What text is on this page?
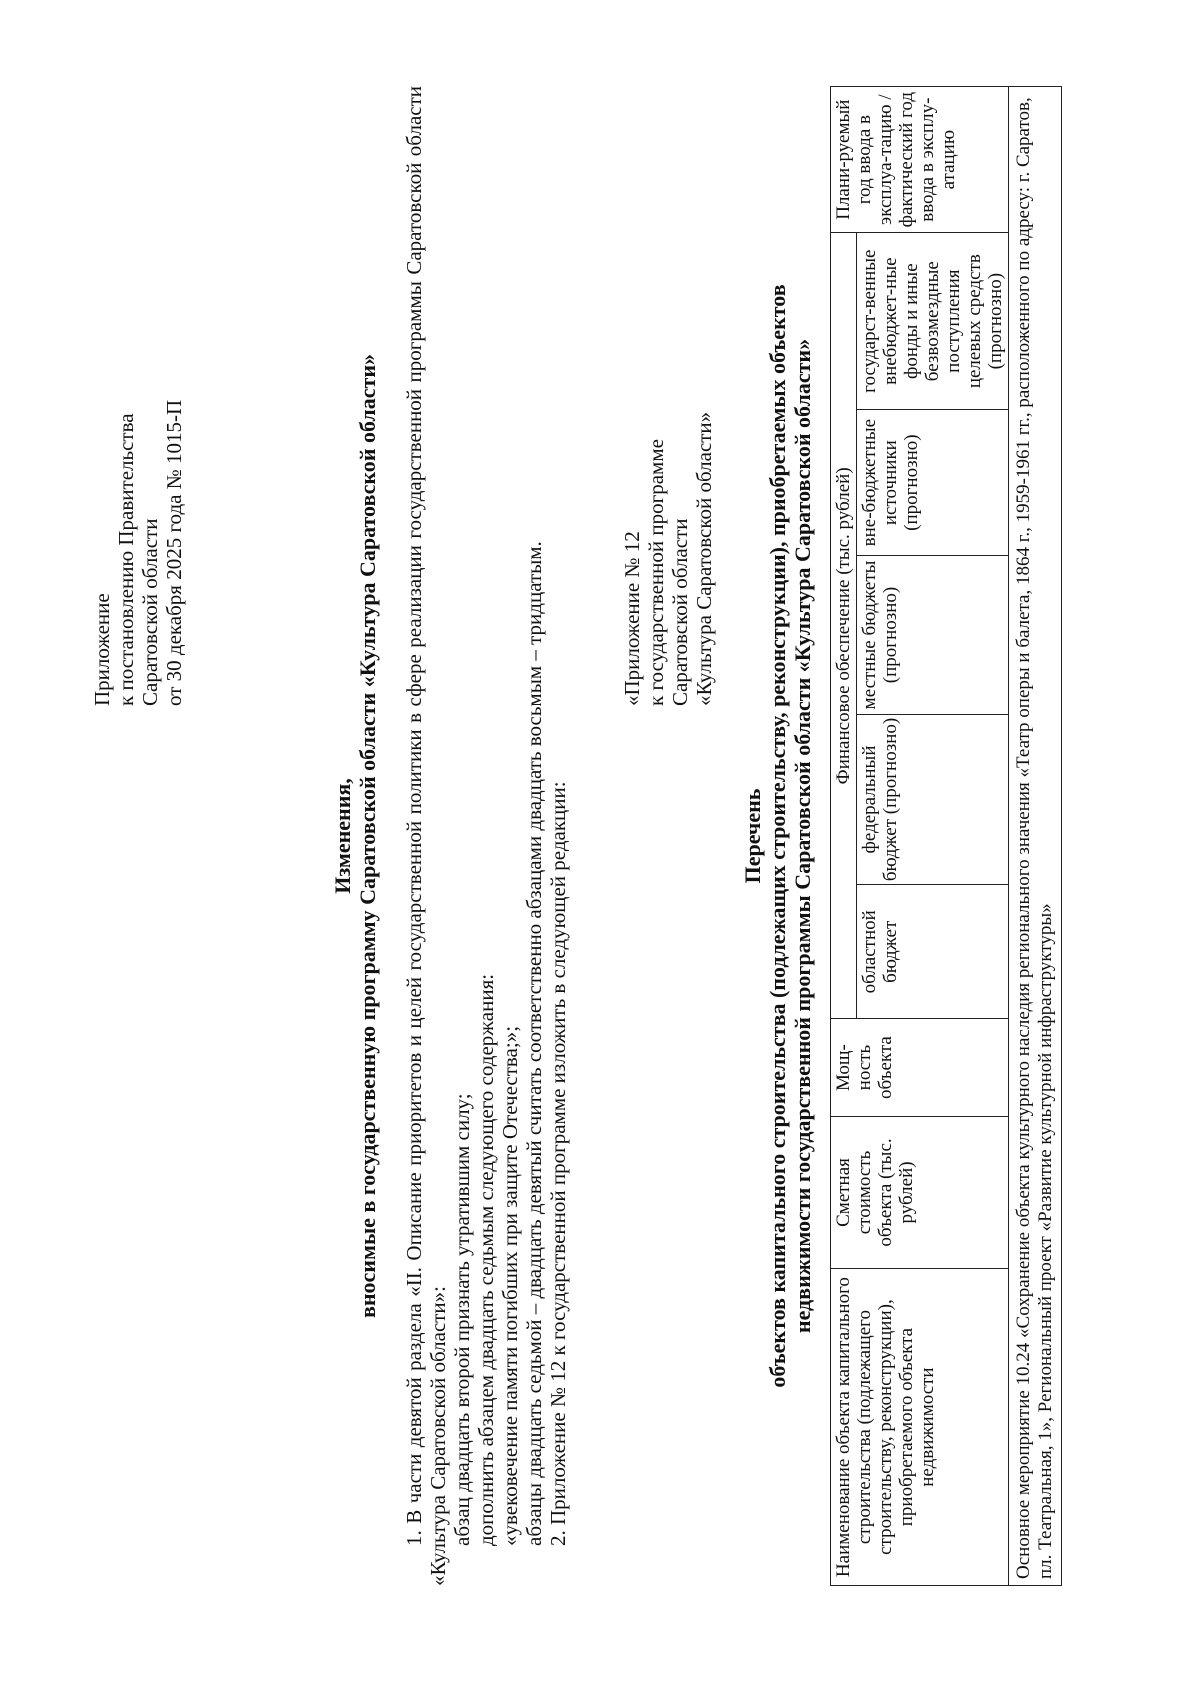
Приложение к постановлению Правительства Саратовской области от 30 декабря 2025 года № 1015-П
Изменения, вносимые в государственную программу Саратовской области «Культура Саратовской области» 1. В части девятой раздела «II. Описание приоритетов и целей государственной политики в сфере реализации государственной программы Саратовской области «Культура Саратовской области»: абзац двадцать второй признать утратившим силу; дополнить абзацем двадцать седьмым следующего содержания: «увековечение памяти погибших при защите Отечества;»; абзацы двадцать седьмой – двадцать девятый считать соответственно абзацами двадцать восьмым – тридцатым. 2. Приложение № 12 к государственной программе изложить в следующей редакции:
«Приложение № 12 к государственной программе Саратовской области «Культура Саратовской области»
Перечень объектов капитального строительства (подлежащих строительству, реконструкции), приобретаемых объектов недвижимости государственной программы Саратовской области «Культура Саратовской области»
Наименование объекта капитального строительства (подлежащего строительству, реконструкции), приобретаемого объекта недвижимости	Сметная стоимость объекта (тыс. рублей)	Мощ-ность объекта	Финансовое обеспечение (тыс. рублей)					Плани-руемый год ввода в эксплуа-тацию / фактический год ввода в эксплу-атацию
			областной бюджет	федеральный бюджет (прогнозно)	местные бюджеты (прогнозно)	вне-бюджетные источники (прогнозно)	государст-венные внебюджет-ные фонды и иные безвозмездные поступления целевых средств (прогнозно)	
Основное мероприятие 10.24 «Сохранение объекта культурного наследия регионального значения «Театр оперы и балета, 1864 г., 1959-1961 гг., расположенного по адресу: г. Саратов, пл. Театральная, 1», Региональный проект «Развитие культурной инфраструктуры»								
